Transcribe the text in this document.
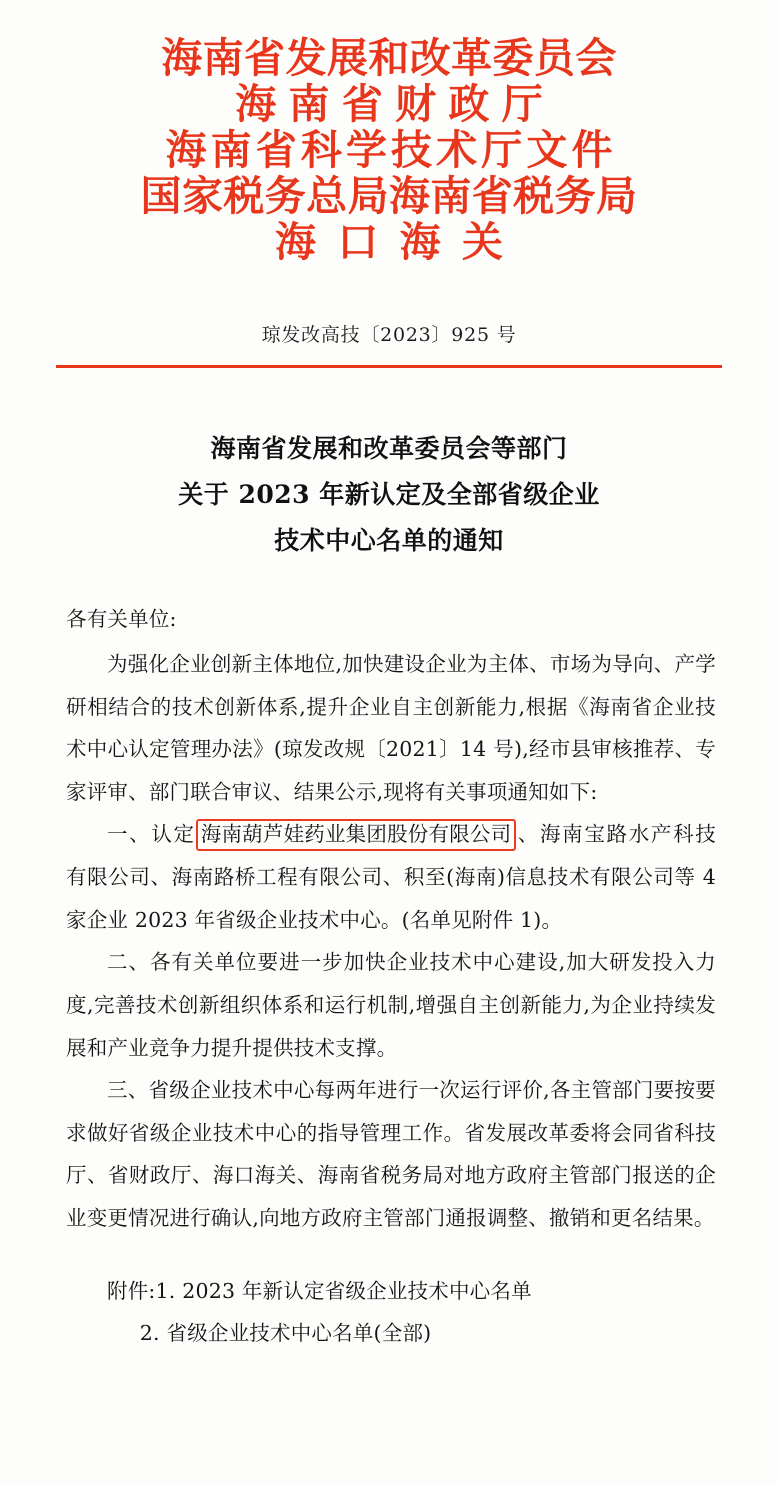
海南省发展和改革委员会
海南省财政厅
海南省科学技术厅文件
国家税务总局海南省税务局
海口海关
琼发改高技〔2023〕925 号
海南省发展和改革委员会等部门
关于 2023 年新认定及全部省级企业
技术中心名单的通知

各有关单位:

为强化企业创新主体地位,加快建设企业为主体、市场为导向、产学研相结合的技术创新体系,提升企业自主创新能力,根据《海南省企业技术中心认定管理办法》(琼发改规〔2021〕14 号),经市县审核推荐、专家评审、部门联合审议、结果公示,现将有关事项通知如下:

一、认定 海南葫芦娃药业集团股份有限公司 、海南宝路水产科技有限公司、海南路桥工程有限公司、积至(海南)信息技术有限公司等 4 家企业 2023 年省级企业技术中心。(名单见附件 1)。

二、各有关单位要进一步加快企业技术中心建设,加大研发投入力度,完善技术创新组织体系和运行机制,增强自主创新能力,为企业持续发展和产业竞争力提升提供技术支撑。

三、省级企业技术中心每两年进行一次运行评价,各主管部门要按要求做好省级企业技术中心的指导管理工作。省发展改革委将会同省科技厅、省财政厅、海口海关、海南省税务局对地方政府主管部门报送的企业变更情况进行确认,向地方政府主管部门通报调整、撤销和更名结果。

附件:1. 2023 年新认定省级企业技术中心名单

2. 省级企业技术中心名单(全部)
